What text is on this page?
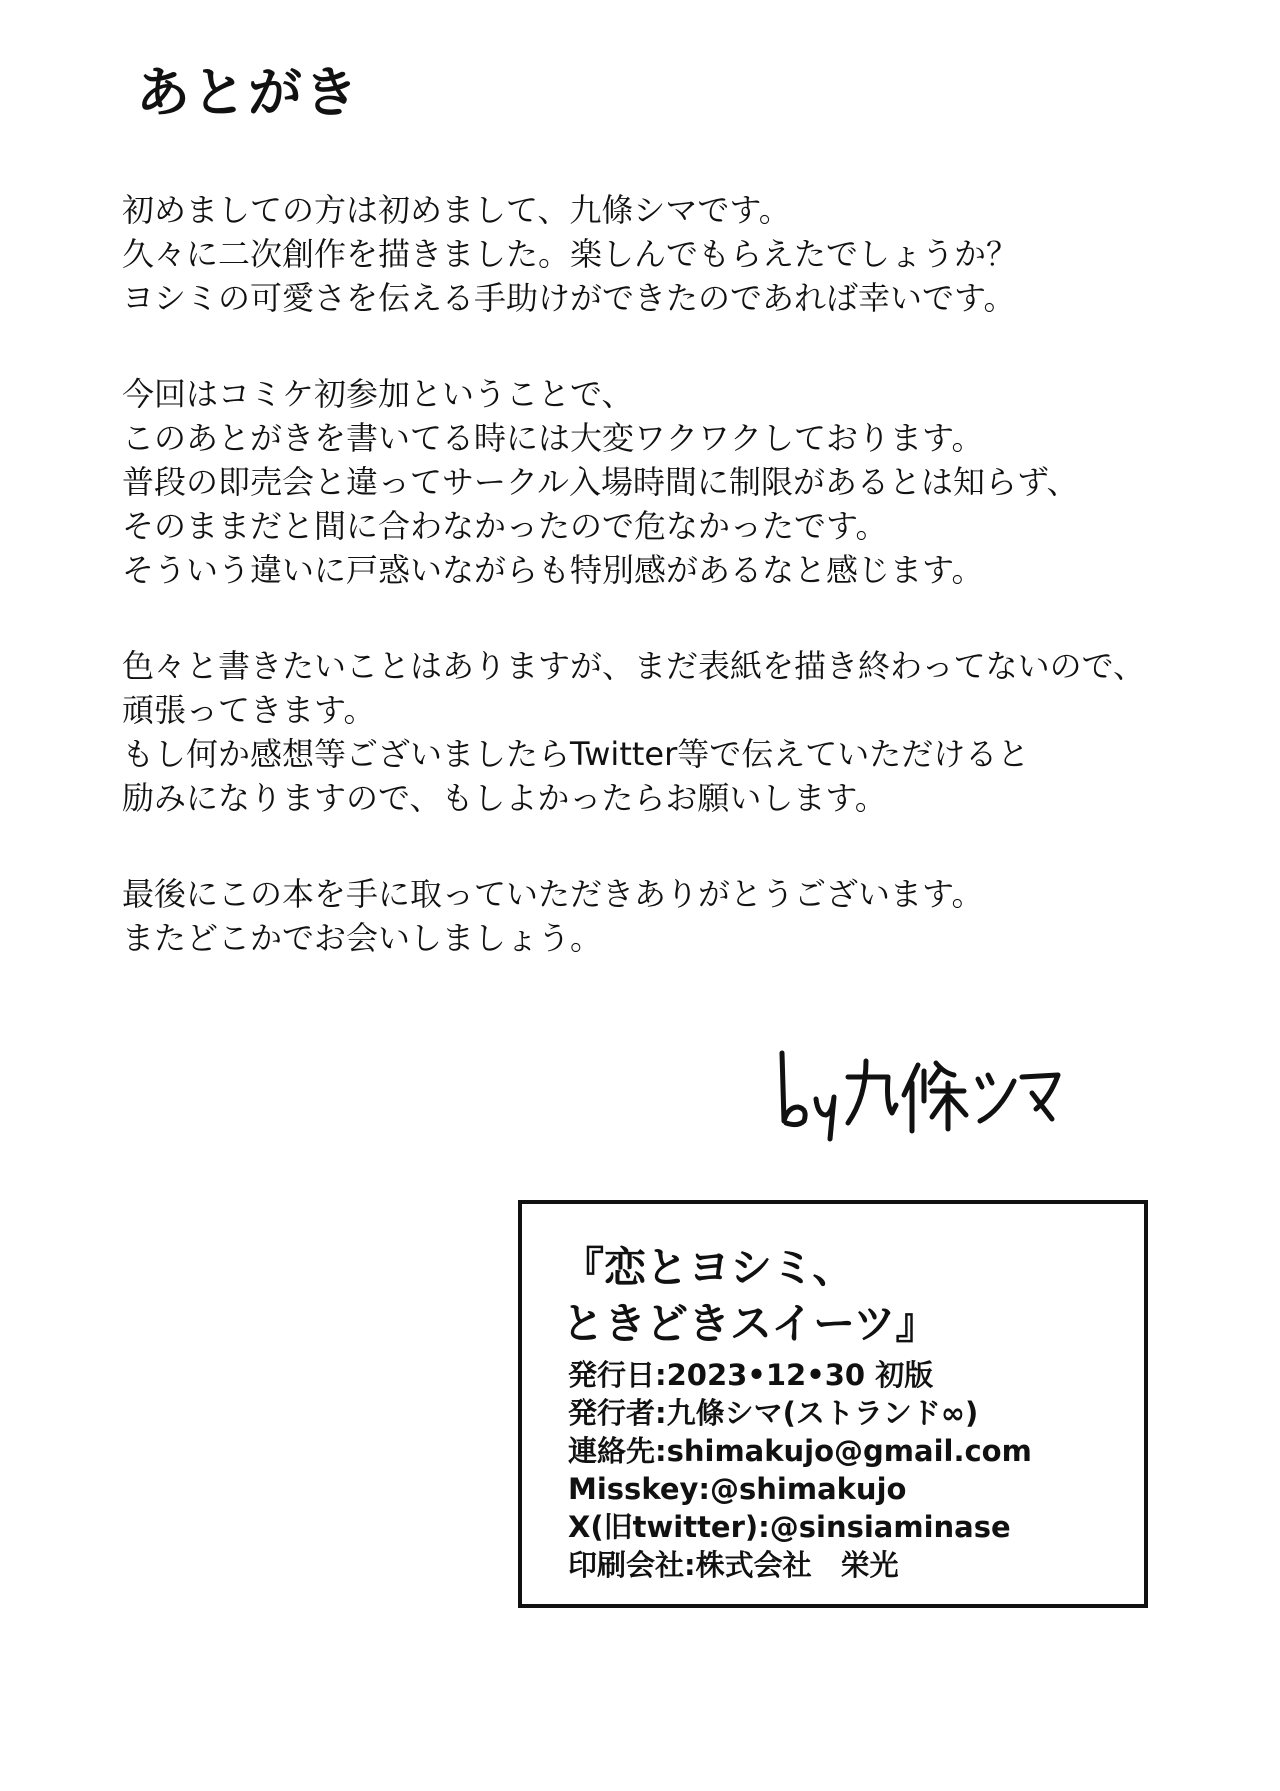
あとがき
初めましての方は初めまして、九條シマです。
久々に二次創作を描きました。楽しんでもらえたでしょうか？
ヨシミの可愛さを伝える手助けができたのであれば幸いです。
今回はコミケ初参加ということで、
このあとがきを書いてる時には大変ワクワクしております。
普段の即売会と違ってサークル入場時間に制限があるとは知らず、
そのままだと間に合わなかったので危なかったです。
そういう違いに戸惑いながらも特別感があるなと感じます。
色々と書きたいことはありますが、まだ表紙を描き終わってないので、
頑張ってきます。
もし何か感想等ございましたらTwitter等で伝えていただけると
励みになりますので、もしよかったらお願いします。
最後にこの本を手に取っていただきありがとうございます。
またどこかでお会いしましょう。
『恋とヨシミ、
ときどきスイーツ』
発行日:2023•12•30 初版
発行者:九條シマ(ストランド∞)
連絡先:shimakujo@gmail.com
Misskey:@shimakujo
X(旧twitter):@sinsiaminase
印刷会社:株式会社　栄光
